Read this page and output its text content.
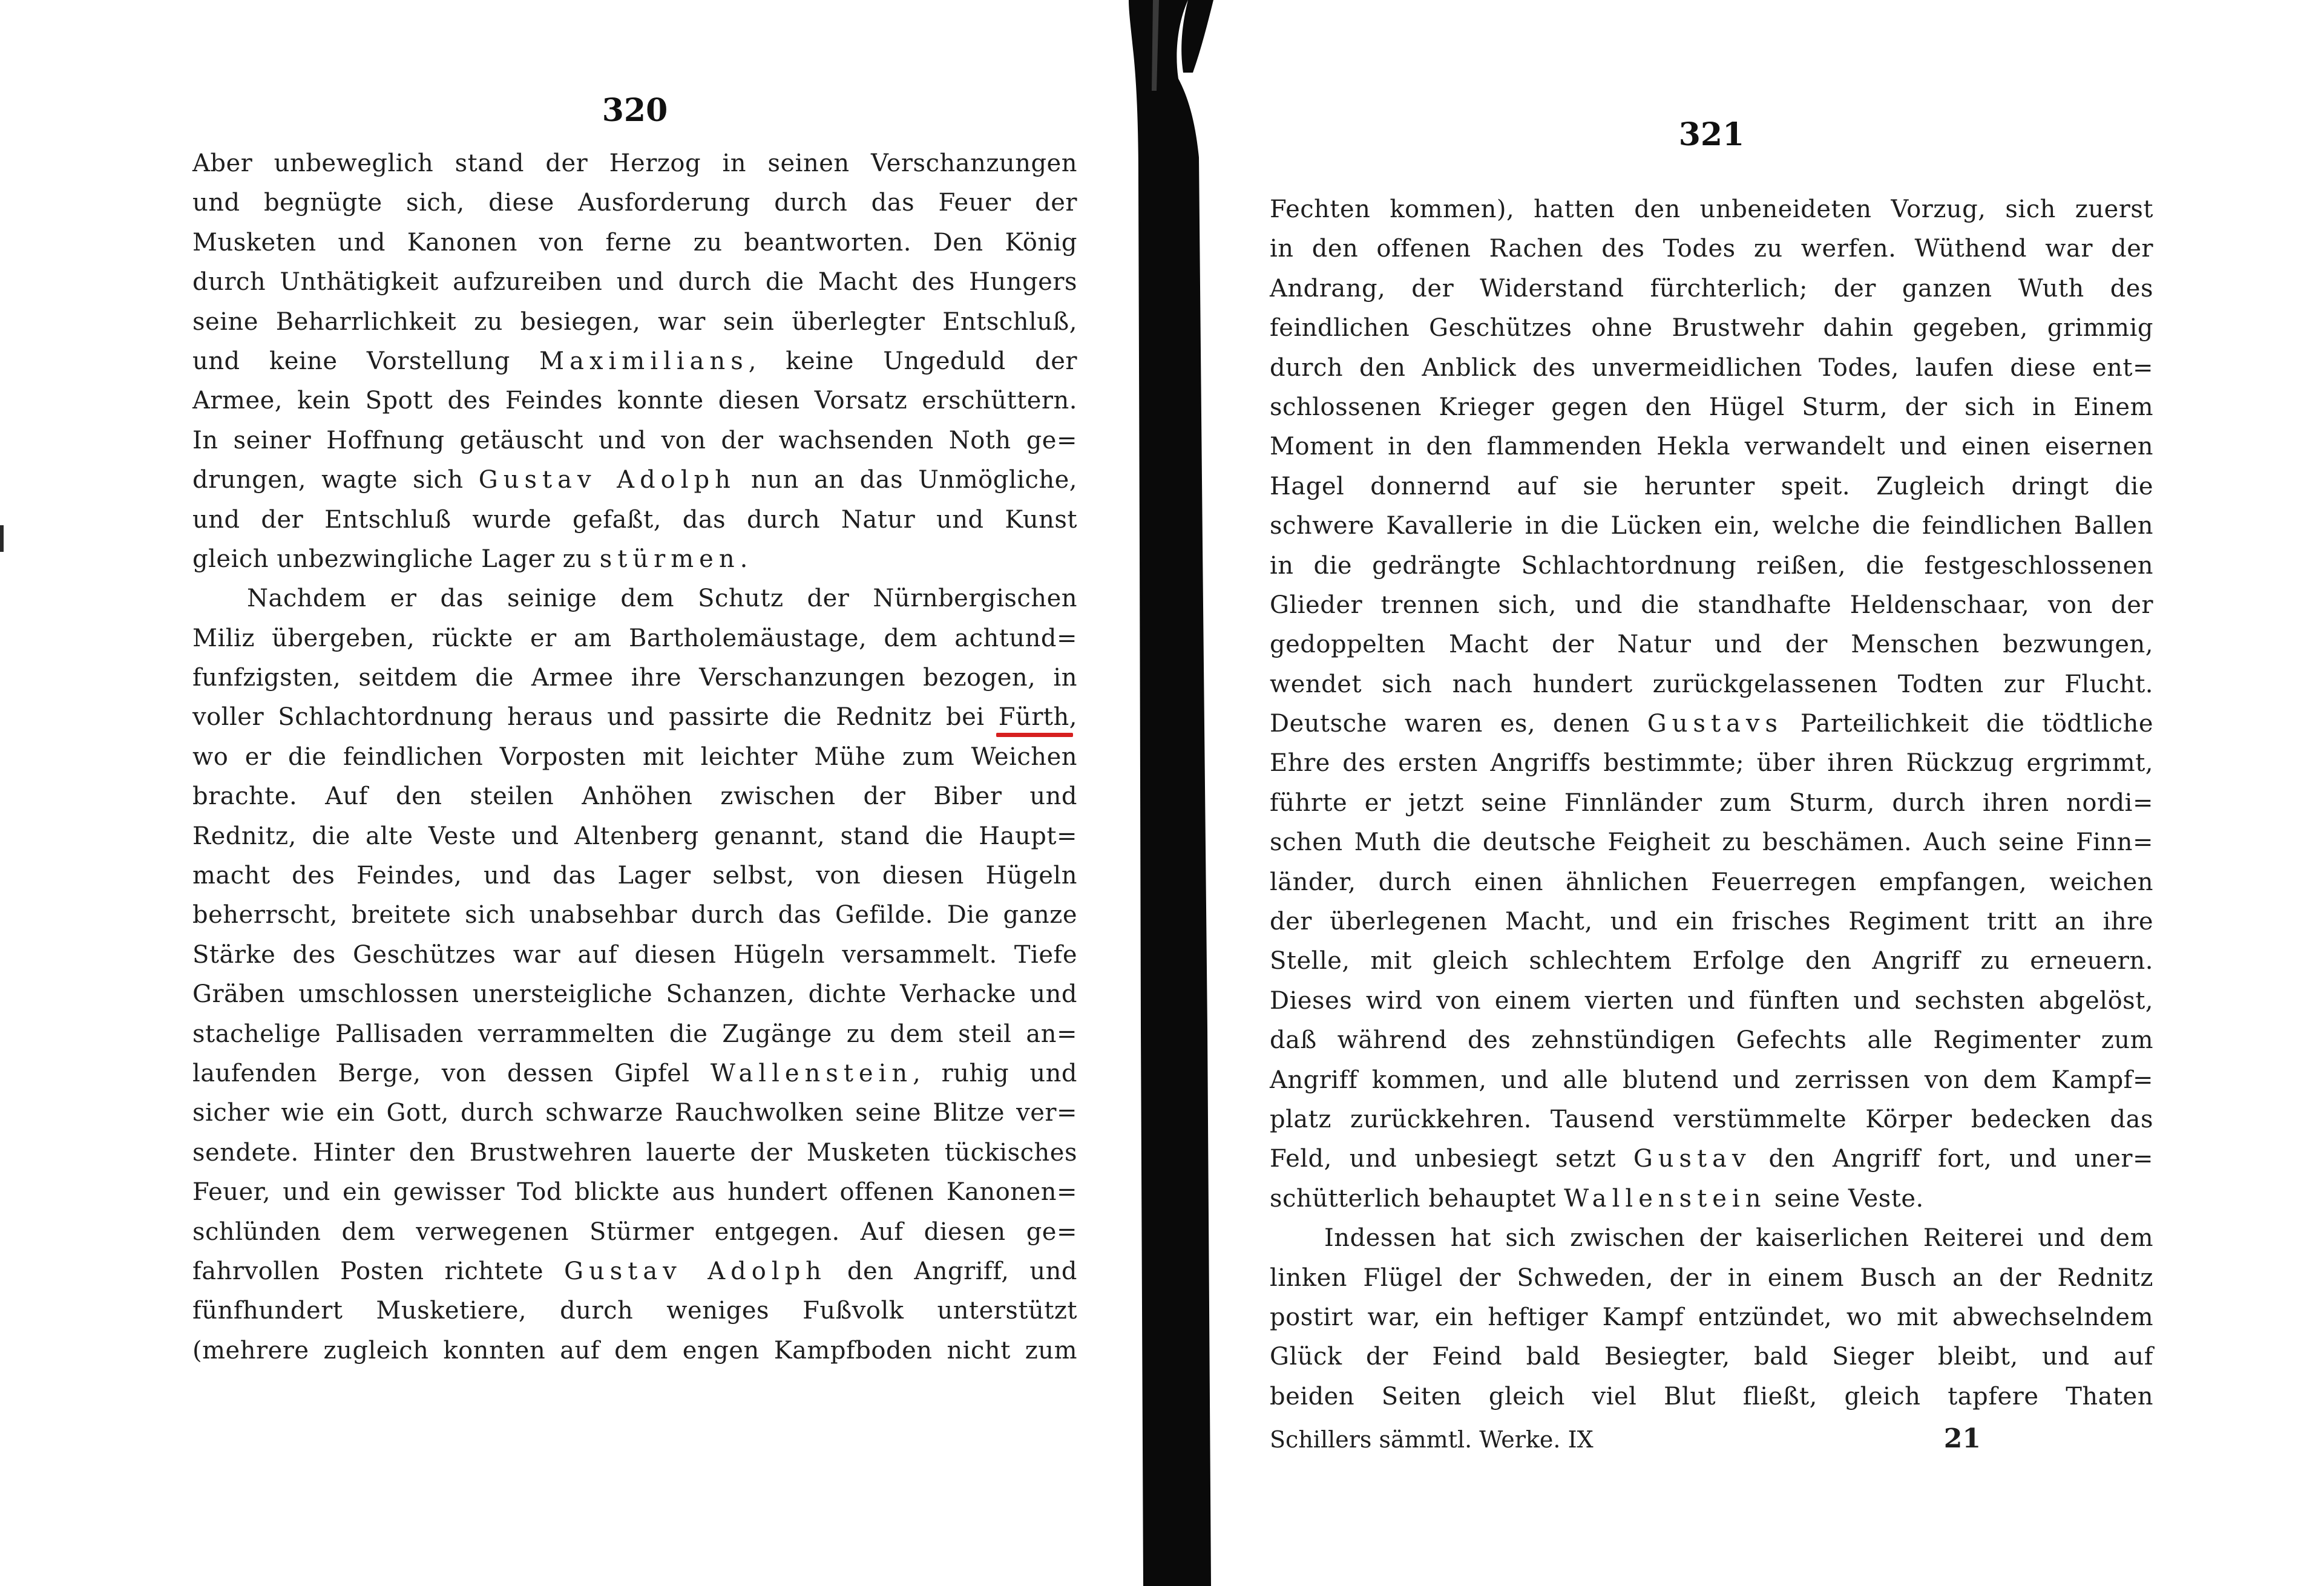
320
Aber unbeweglich stand der Herzog in seinen Verschanzungen
und begnügte sich, diese Ausforderung durch das Feuer der
Musketen und Kanonen von ferne zu beantworten. Den König
durch Unthätigkeit aufzureiben und durch die Macht des Hungers
seine Beharrlichkeit zu besiegen, war sein überlegter Entschluß,
und keine Vorstellung Maximilians, keine Ungeduld der
Armee, kein Spott des Feindes konnte diesen Vorsatz erschüttern.
In seiner Hoffnung getäuscht und von der wachsenden Noth ge=
drungen, wagte sich Gustav Adolph nun an das Unmögliche,
und der Entschluß wurde gefaßt, das durch Natur und Kunst
gleich unbezwingliche Lager zu stürmen.
Nachdem er das seinige dem Schutz der Nürnbergischen
Miliz übergeben, rückte er am Bartholemäustage, dem achtund=
funfzigsten, seitdem die Armee ihre Verschanzungen bezogen, in
voller Schlachtordnung heraus und passirte die Rednitz bei Fürth,
wo er die feindlichen Vorposten mit leichter Mühe zum Weichen
brachte. Auf den steilen Anhöhen zwischen der Biber und
Rednitz, die alte Veste und Altenberg genannt, stand die Haupt=
macht des Feindes, und das Lager selbst, von diesen Hügeln
beherrscht, breitete sich unabsehbar durch das Gefilde. Die ganze
Stärke des Geschützes war auf diesen Hügeln versammelt. Tiefe
Gräben umschlossen unersteigliche Schanzen, dichte Verhacke und
stachelige Pallisaden verrammelten die Zugänge zu dem steil an=
laufenden Berge, von dessen Gipfel Wallenstein, ruhig und
sicher wie ein Gott, durch schwarze Rauchwolken seine Blitze ver=
sendete. Hinter den Brustwehren lauerte der Musketen tückisches
Feuer, und ein gewisser Tod blickte aus hundert offenen Kanonen=
schlünden dem verwegenen Stürmer entgegen. Auf diesen ge=
fahrvollen Posten richtete Gustav Adolph den Angriff, und
fünfhundert Musketiere, durch weniges Fußvolk unterstützt
(mehrere zugleich konnten auf dem engen Kampfboden nicht zum
321
Fechten kommen), hatten den unbeneideten Vorzug, sich zuerst
in den offenen Rachen des Todes zu werfen. Wüthend war der
Andrang, der Widerstand fürchterlich; der ganzen Wuth des
feindlichen Geschützes ohne Brustwehr dahin gegeben, grimmig
durch den Anblick des unvermeidlichen Todes, laufen diese ent=
schlossenen Krieger gegen den Hügel Sturm, der sich in Einem
Moment in den flammenden Hekla verwandelt und einen eisernen
Hagel donnernd auf sie herunter speit. Zugleich dringt die
schwere Kavallerie in die Lücken ein, welche die feindlichen Ballen
in die gedrängte Schlachtordnung reißen, die festgeschlossenen
Glieder trennen sich, und die standhafte Heldenschaar, von der
gedoppelten Macht der Natur und der Menschen bezwungen,
wendet sich nach hundert zurückgelassenen Todten zur Flucht.
Deutsche waren es, denen Gustavs Parteilichkeit die tödtliche
Ehre des ersten Angriffs bestimmte; über ihren Rückzug ergrimmt,
führte er jetzt seine Finnländer zum Sturm, durch ihren nordi=
schen Muth die deutsche Feigheit zu beschämen. Auch seine Finn=
länder, durch einen ähnlichen Feuerregen empfangen, weichen
der überlegenen Macht, und ein frisches Regiment tritt an ihre
Stelle, mit gleich schlechtem Erfolge den Angriff zu erneuern.
Dieses wird von einem vierten und fünften und sechsten abgelöst,
daß während des zehnstündigen Gefechts alle Regimenter zum
Angriff kommen, und alle blutend und zerrissen von dem Kampf=
platz zurückkehren. Tausend verstümmelte Körper bedecken das
Feld, und unbesiegt setzt Gustav den Angriff fort, und uner=
schütterlich behauptet Wallenstein seine Veste.
Indessen hat sich zwischen der kaiserlichen Reiterei und dem
linken Flügel der Schweden, der in einem Busch an der Rednitz
postirt war, ein heftiger Kampf entzündet, wo mit abwechselndem
Glück der Feind bald Besiegter, bald Sieger bleibt, und auf
beiden Seiten gleich viel Blut fließt, gleich tapfere Thaten
Schillers sämmtl. Werke. IX	21
